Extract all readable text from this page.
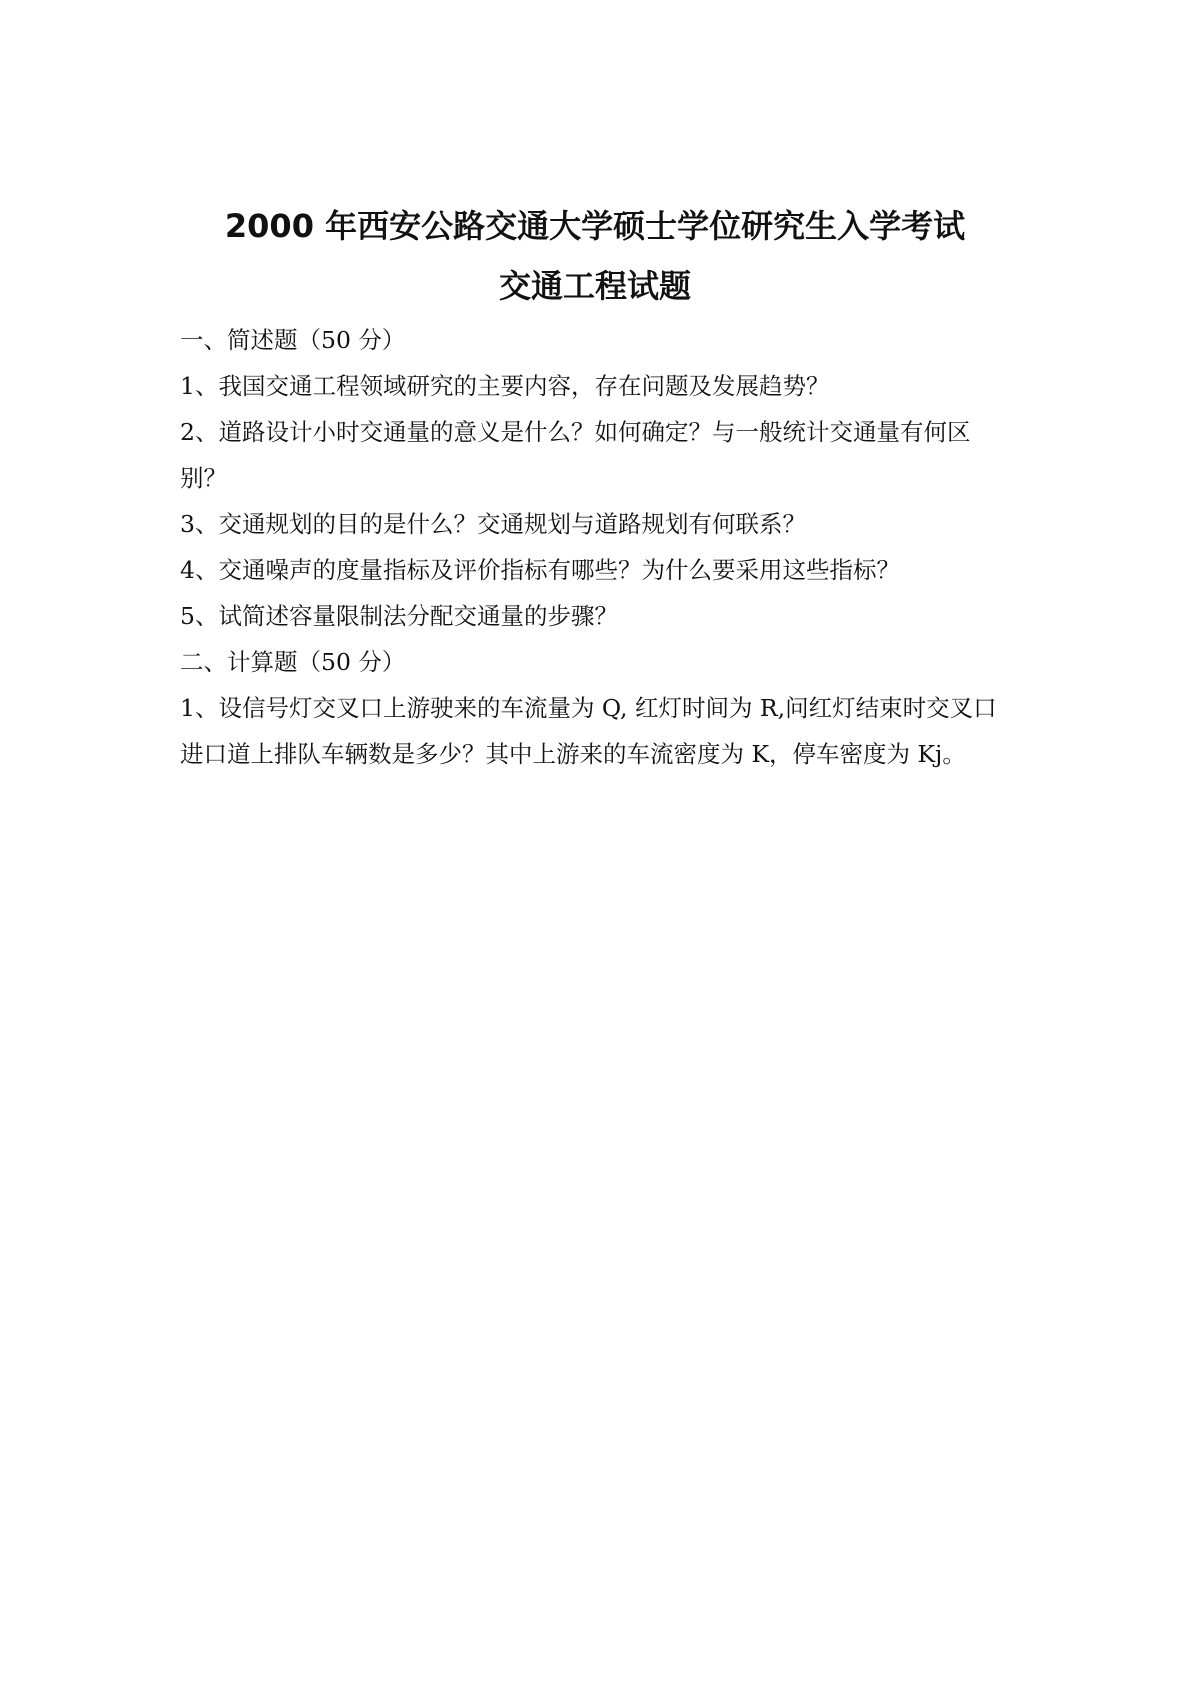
2000 年西安公路交通大学硕士学位研究生入学考试
交通工程试题
一、简述题（50 分）
1、我国交通工程领域研究的主要内容，存在问题及发展趋势？
2、道路设计小时交通量的意义是什么？如何确定？与一般统计交通量有何区
别？
3、交通规划的目的是什么？交通规划与道路规划有何联系？
4、交通噪声的度量指标及评价指标有哪些？为什么要采用这些指标？
5、试简述容量限制法分配交通量的步骤？
二、计算题（50 分）
1、设信号灯交叉口上游驶来的车流量为 Q, 红灯时间为 R,问红灯结束时交叉口
进口道上排队车辆数是多少？其中上游来的车流密度为 K，停车密度为 Kj。
